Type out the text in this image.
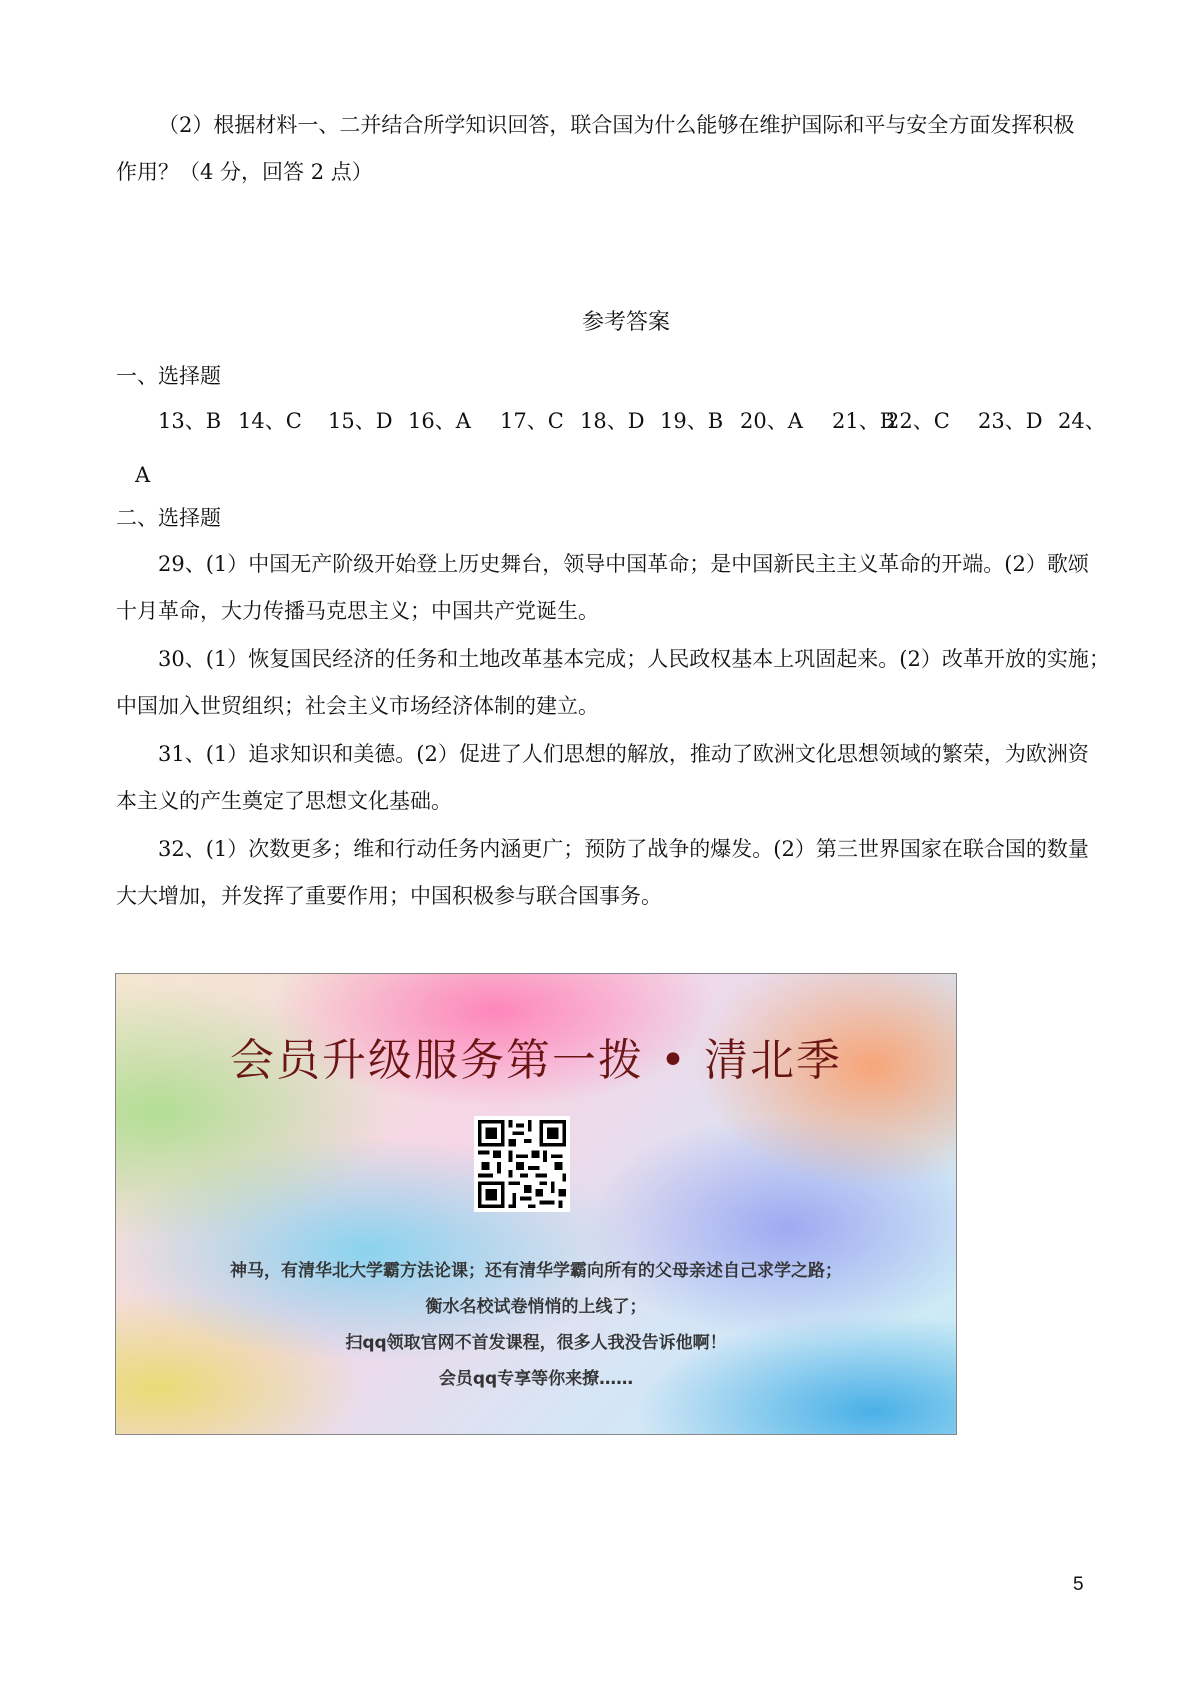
（2）根据材料一、二并结合所学知识回答，联合国为什么能够在维护国际和平与安全方面发挥积极
作用？（4 分，回答 2 点）
参考答案
一、选择题
13、B 14、C 15、D 16、A 17、C 18、D 19、B 20、A 21、B
22、C 23、D 24、
A
二、选择题
29、(1）中国无产阶级开始登上历史舞台，领导中国革命；是中国新民主主义革命的开端。(2）歌颂
十月革命，大力传播马克思主义；中国共产党诞生。
30、(1）恢复国民经济的任务和土地改革基本完成；人民政权基本上巩固起来。(2）改革开放的实施；
中国加入世贸组织；社会主义市场经济体制的建立。
31、(1）追求知识和美德。(2）促进了人们思想的解放，推动了欧洲文化思想领域的繁荣，为欧洲资
本主义的产生奠定了思想文化基础。
32、(1）次数更多；维和行动任务内涵更广；预防了战争的爆发。(2）第三世界国家在联合国的数量
大大增加，并发挥了重要作用；中国积极参与联合国事务。
会员升级服务第一拨 • 清北季
神马，有清华北大学霸方法论课；还有清华学霸向所有的父母亲述自己求学之路；
衡水名校试卷悄悄的上线了；
扫qq领取官网不首发课程，很多人我没告诉他啊！
会员qq专享等你来撩……
5
